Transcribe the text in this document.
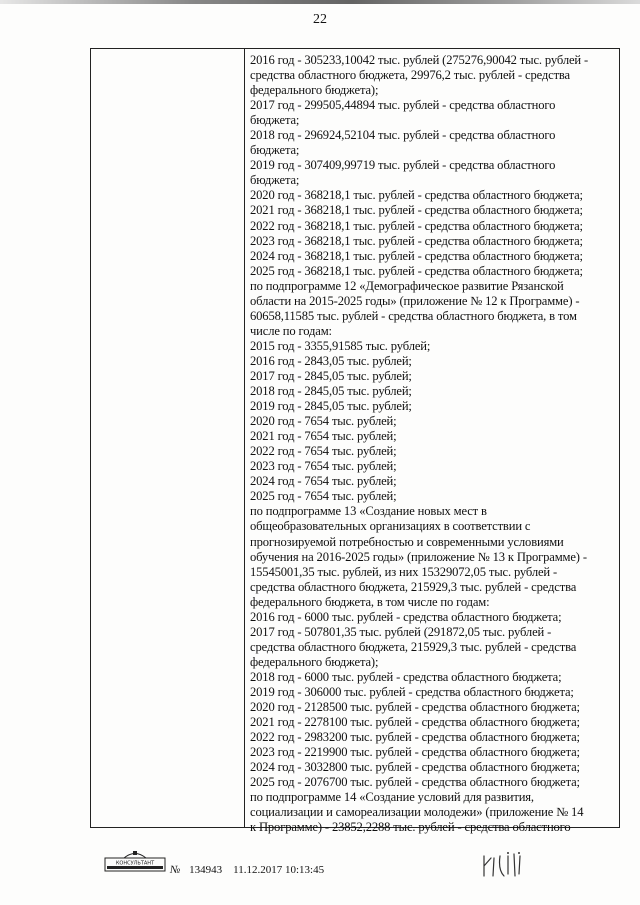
22
2016 год - 305233,10042 тыс. рублей (275276,90042 тыс. рублей -
средства областного бюджета, 29976,2 тыс. рублей - средства
федерального бюджета);
2017 год - 299505,44894 тыс. рублей - средства областного
бюджета;
2018 год - 296924,52104 тыс. рублей - средства областного
бюджета;
2019 год - 307409,99719 тыс. рублей - средства областного
бюджета;
2020 год - 368218,1 тыс. рублей - средства областного бюджета;
2021 год - 368218,1 тыс. рублей - средства областного бюджета;
2022 год - 368218,1 тыс. рублей - средства областного бюджета;
2023 год - 368218,1 тыс. рублей - средства областного бюджета;
2024 год - 368218,1 тыс. рублей - средства областного бюджета;
2025 год - 368218,1 тыс. рублей - средства областного бюджета;
по подпрограмме 12 «Демографическое развитие Рязанской
области на 2015-2025 годы» (приложение № 12 к Программе) -
60658,11585 тыс. рублей - средства областного бюджета, в том
числе по годам:
2015 год - 3355,91585 тыс. рублей;
2016 год - 2843,05 тыс. рублей;
2017 год - 2845,05 тыс. рублей;
2018 год - 2845,05 тыс. рублей;
2019 год - 2845,05 тыс. рублей;
2020 год - 7654 тыс. рублей;
2021 год - 7654 тыс. рублей;
2022 год - 7654 тыс. рублей;
2023 год - 7654 тыс. рублей;
2024 год - 7654 тыс. рублей;
2025 год - 7654 тыс. рублей;
по подпрограмме 13 «Создание новых мест в
общеобразовательных организациях в соответствии с
прогнозируемой потребностью и современными условиями
обучения на 2016-2025 годы» (приложение № 13 к Программе) -
15545001,35 тыс. рублей, из них 15329072,05 тыс. рублей -
средства областного бюджета, 215929,3 тыс. рублей - средства
федерального бюджета, в том числе по годам:
2016 год - 6000 тыс. рублей - средства областного бюджета;
2017 год - 507801,35 тыс. рублей (291872,05 тыс. рублей -
средства областного бюджета, 215929,3 тыс. рублей - средства
федерального бюджета);
2018 год - 6000 тыс. рублей - средства областного бюджета;
2019 год - 306000 тыс. рублей - средства областного бюджета;
2020 год - 2128500 тыс. рублей - средства областного бюджета;
2021 год - 2278100 тыс. рублей - средства областного бюджета;
2022 год - 2983200 тыс. рублей - средства областного бюджета;
2023 год - 2219900 тыс. рублей - средства областного бюджета;
2024 год - 3032800 тыс. рублей - средства областного бюджета;
2025 год - 2076700 тыс. рублей - средства областного бюджета;
по подпрограмме 14 «Создание условий для развития,
социализации и самореализации молодежи» (приложение № 14
к Программе) - 23852,2288 тыс. рублей - средства областного
КОНСУЛЬТАНТ
№ 134943 11.12.2017 10:13:45
